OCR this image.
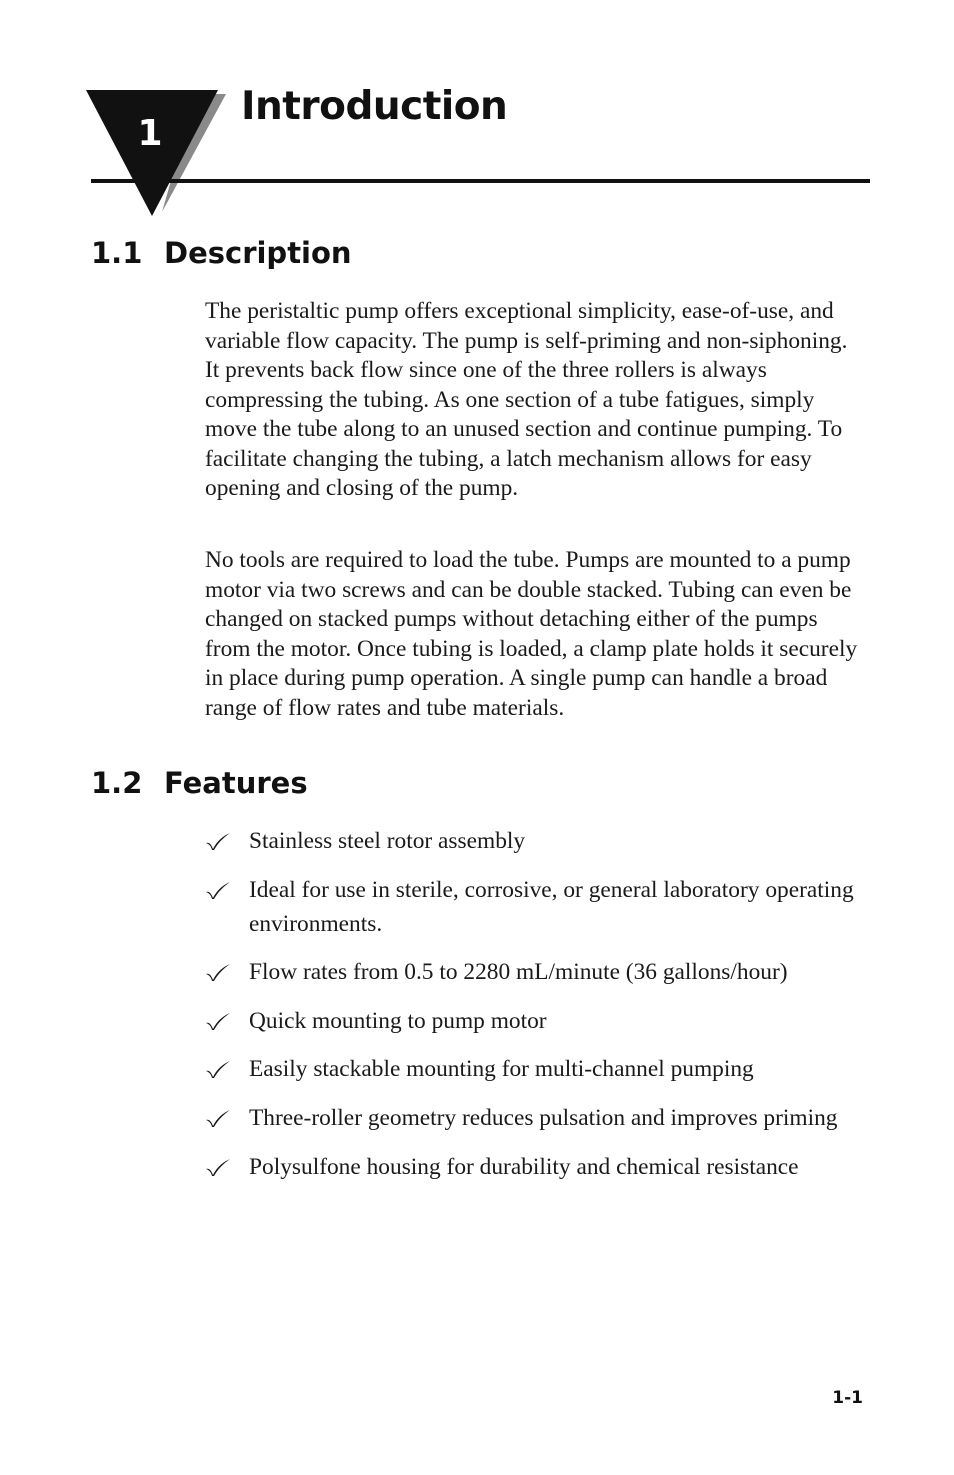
1
Introduction
1.1 Description

The peristaltic pump offers exceptional simplicity, ease-of-use, and variable flow capacity. The pump is self-priming and non-siphoning. It prevents back flow since one of the three rollers is always compressing the tubing. As one section of a tube fatigues, simply move the tube along to an unused section and continue pumping. To facilitate changing the tubing, a latch mechanism allows for easy opening and closing of the pump.

No tools are required to load the tube. Pumps are mounted to a pump motor via two screws and can be double stacked. Tubing can even be changed on stacked pumps without detaching either of the pumps from the motor. Once tubing is loaded, a clamp plate holds it securely in place during pump operation. A single pump can handle a broad range of flow rates and tube materials.

1.2 Features
Stainless steel rotor assembly
Ideal for use in sterile, corrosive, or general laboratory operating environments.
Flow rates from 0.5 to 2280 mL/minute (36 gallons/hour)
Quick mounting to pump motor
Easily stackable mounting for multi-channel pumping
Three-roller geometry reduces pulsation and improves priming
Polysulfone housing for durability and chemical resistance
1-1
